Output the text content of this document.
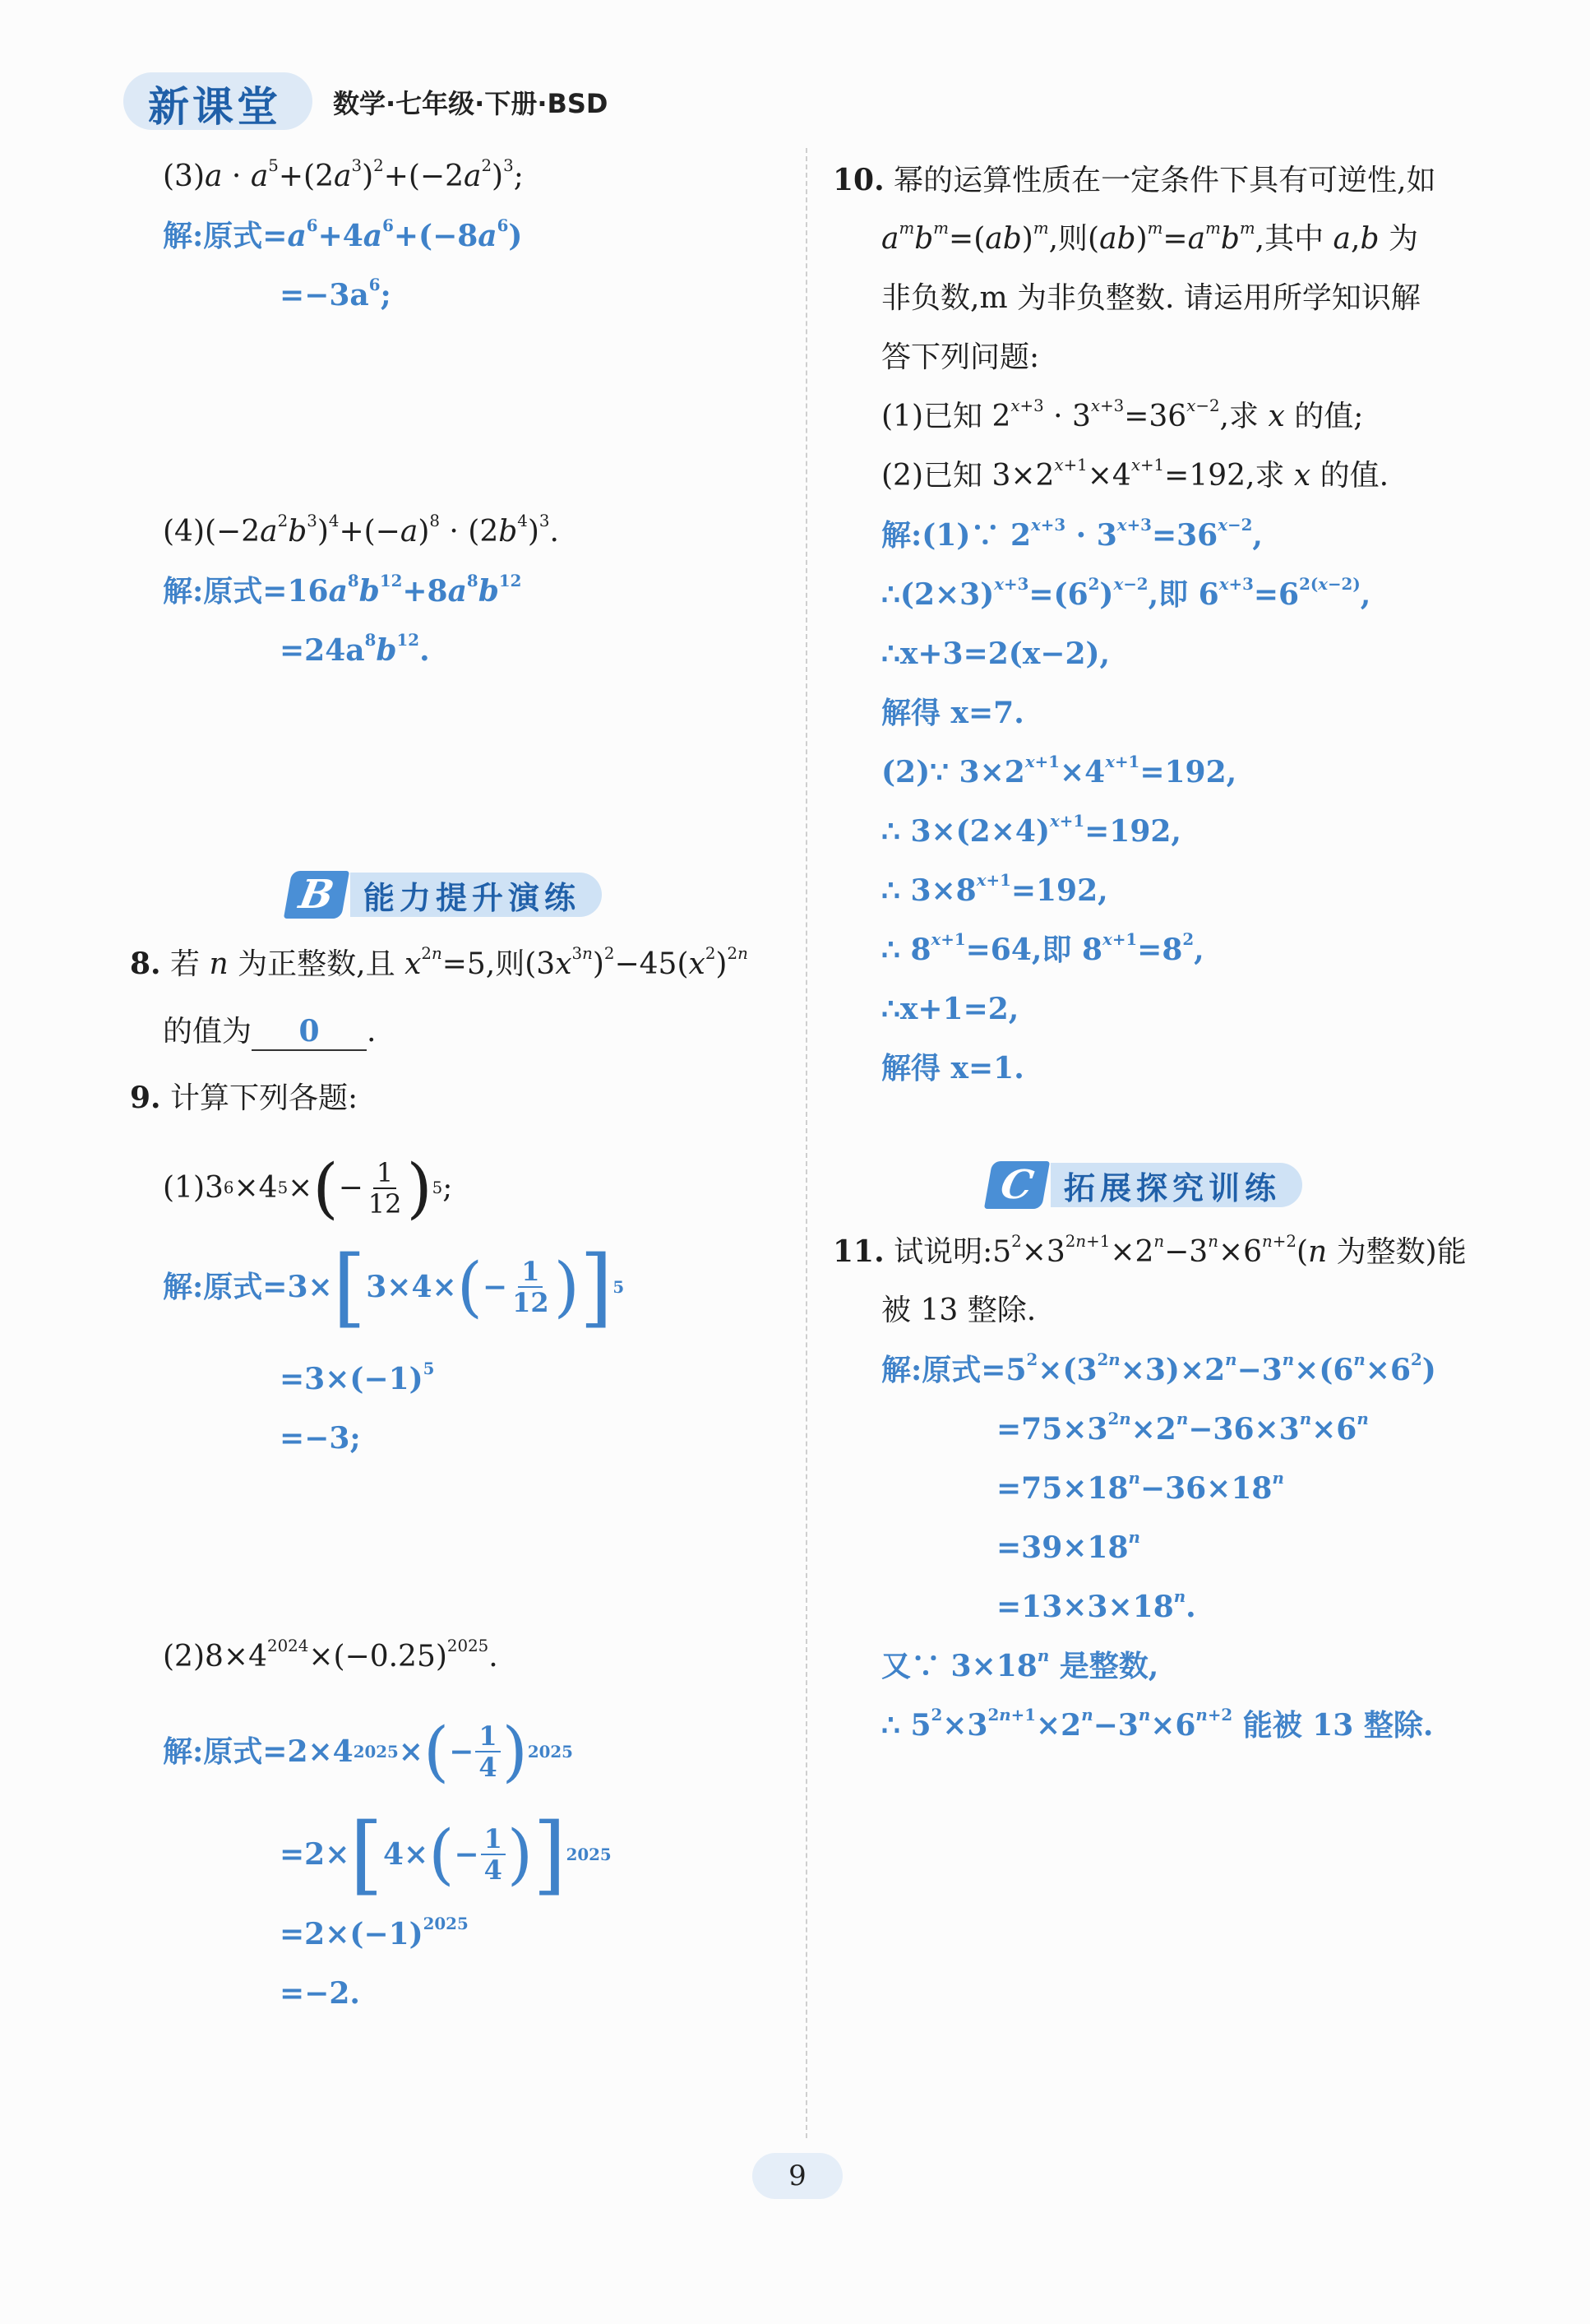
新课堂 数学·七年级·下册·BSD
$(3)a \cdot a^5+(2a^3)^2+(-2a^2)^3$;
解:原式$=a^6+4a^6+(-8a^6)$
$=-3a^6$;
$(4)(-2a^2b^3)^4+(-a)^8 \cdot (2b^4)^3$.
解:原式$=16a^8b^{12}+8a^8b^{12}$
$=24a^8b^{12}$.
B 能力提升演练
8. 若 n 为正整数,且 $x^{2n}=5$,则$(3x^{3n})^2-45(x^2)^{2n}$
的值为 0 .
9. 计算下列各题:
(1) 3 6 ×4 5 × ( − $\frac{1}{12}$ ) 5 ;
解:原式=3× [ 3×4× ( − $\frac{1}{12}$ ) ] 5
$=3\times(-1)^5$
=−3;
$(2)8\times 4^{2024}\times(-0.25)^{2025}$.
解:原式=2×4 2025 × ( − $\frac{1}{4}$ ) 2025
=2× [ 4× ( − $\frac{1}{4}$ ) ] 2025
$=2\times(-1)^{2025}$
=−2.
10. 幂的运算性质在一定条件下具有可逆性,如
$a^mb^m=(ab)^m$,则$(ab)^m=a^mb^m$,其中 a,b 为
非负数,m 为非负整数. 请运用所学知识解
答下列问题:
(1)已知 $2^{x+3} \cdot 3^{x+3}=36^{x-2}$,求 x 的值;
(2)已知 $3\times 2^{x+1}\times 4^{x+1}=192$,求 x 的值.
解:(1)∵ $2^{x+3} \cdot 3^{x+3}=36^{x-2}$,
$\therefore(2\times 3)^{x+3}=(6^2)^{x-2}$,即 $6^{x+3}=6^{2(x-2)}$,
∴x+3=2(x−2),
解得 x=7.
(2)∵ $3\times 2^{x+1}\times 4^{x+1}=192$,
∴ $3\times(2\times 4)^{x+1}=192$,
∴ $3\times 8^{x+1}=192$,
∴ $8^{x+1}=64$,即 $8^{x+1}=8^2$,
∴x+1=2,
解得 x=1.
C 拓展探究训练
11. 试说明$:5^2\times 3^{2n+1}\times 2^n-3^n\times 6^{n+2}(n$ 为整数)能
被 13 整除.
解:原式$=5^2\times(3^{2n}\times 3)\times 2^n-3^n\times(6^n\times 6^2)$
$=75\times 3^{2n}\times 2^n-36\times 3^n\times 6^n$
$=75\times 18^n-36\times 18^n$
$=39\times 18^n$
$=13\times 3\times 18^n$.
又∵ $3\times 18^n$ 是整数,
∴ $5^2\times 3^{2n+1}\times 2^n-3^n\times 6^{n+2}$ 能被 13 整除.
9
